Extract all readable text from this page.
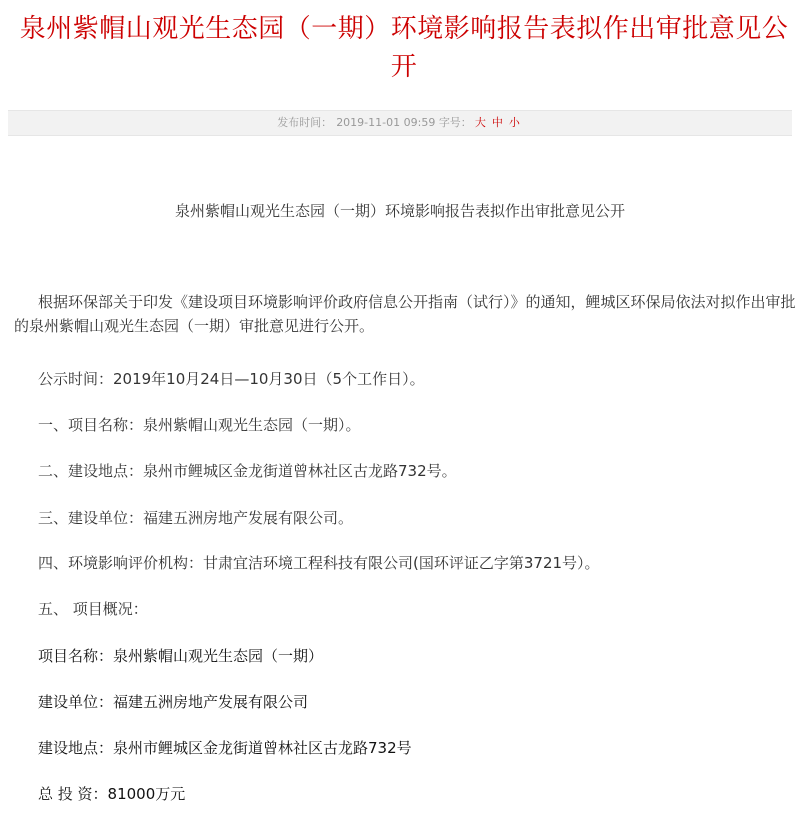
泉州紫帽山观光生态园（一期）环境影响报告表拟作出审批意见公开
发布时间： 2019-11-01 09:59 字号： 大 中 小
泉州紫帽山观光生态园（一期）环境影响报告表拟作出审批意见公开
根据环保部关于印发《建设项目环境影响评价政府信息公开指南（试行）》的通知，鲤城区环保局依法对拟作出审批的泉州紫帽山观光生态园（一期）审批意见进行公开。
公示时间：2019年10月24日—10月30日（5个工作日）。
一、项目名称：泉州紫帽山观光生态园（一期）。
二、建设地点：泉州市鲤城区金龙街道曾林社区古龙路732号。
三、建设单位：福建五洲房地产发展有限公司。
四、环境影响评价机构：甘肃宜洁环境工程科技有限公司(国环评证乙字第3721号）。
五、 项目概况：
项目名称：泉州紫帽山观光生态园（一期）
建设单位：福建五洲房地产发展有限公司
建设地点：泉州市鲤城区金龙街道曾林社区古龙路732号
总 投 资：81000万元
